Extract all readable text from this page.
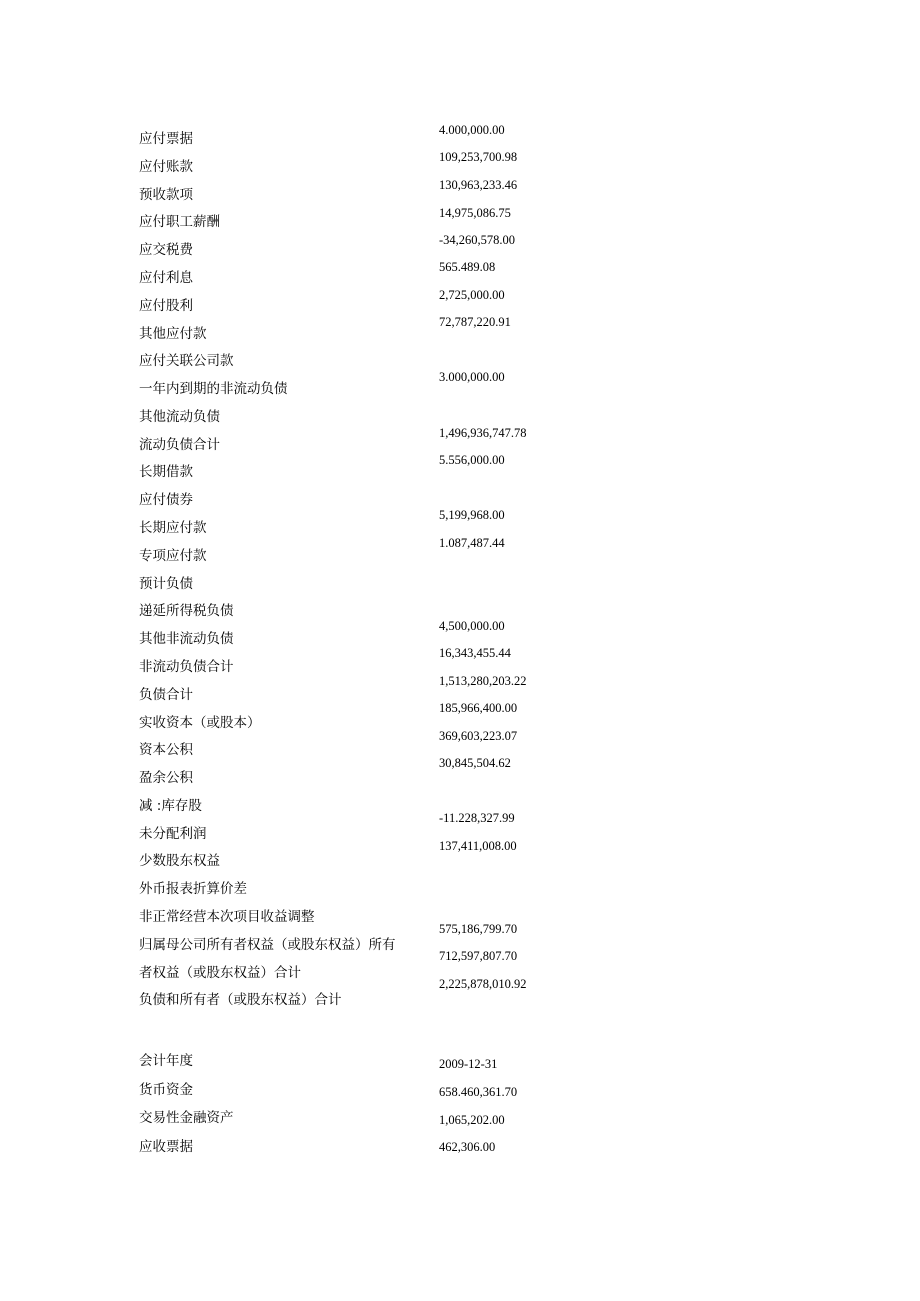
应付票据
应付账款
预收款项
应付职工薪酬
应交税费
应付利息
应付股利
其他应付款
应付关联公司款
一年内到期的非流动负债
其他流动负债
流动负债合计
长期借款
应付债券
长期应付款
专项应付款
预计负债
递延所得税负债
其他非流动负债
非流动负债合计
负债合计
实收资本（或股本）
资本公积
盈余公积
减 :库存股
未分配利润
少数股东权益
外币报表折算价差
非正常经营本次项目收益调整
归属母公司所有者权益（或股东权益）所有
者权益（或股东权益）合计
负债和所有者（或股东权益）合计
4.000,000.00
109,253,700.98
130,963,233.46
14,975,086.75
-34,260,578.00
565.489.08
2,725,000.00
72,787,220.91
3.000,000.00
1,496,936,747.78
5.556,000.00
5,199,968.00
1.087,487.44
4,500,000.00
16,343,455.44
1,513,280,203.22
185,966,400.00
369,603,223.07
30,845,504.62
-11.228,327.99
137,411,008.00
575,186,799.70
712,597,807.70
2,225,878,010.92
会计年度
货币资金
交易性金融资产
应收票据
2009-12-31
658.460,361.70
1,065,202.00
462,306.00
